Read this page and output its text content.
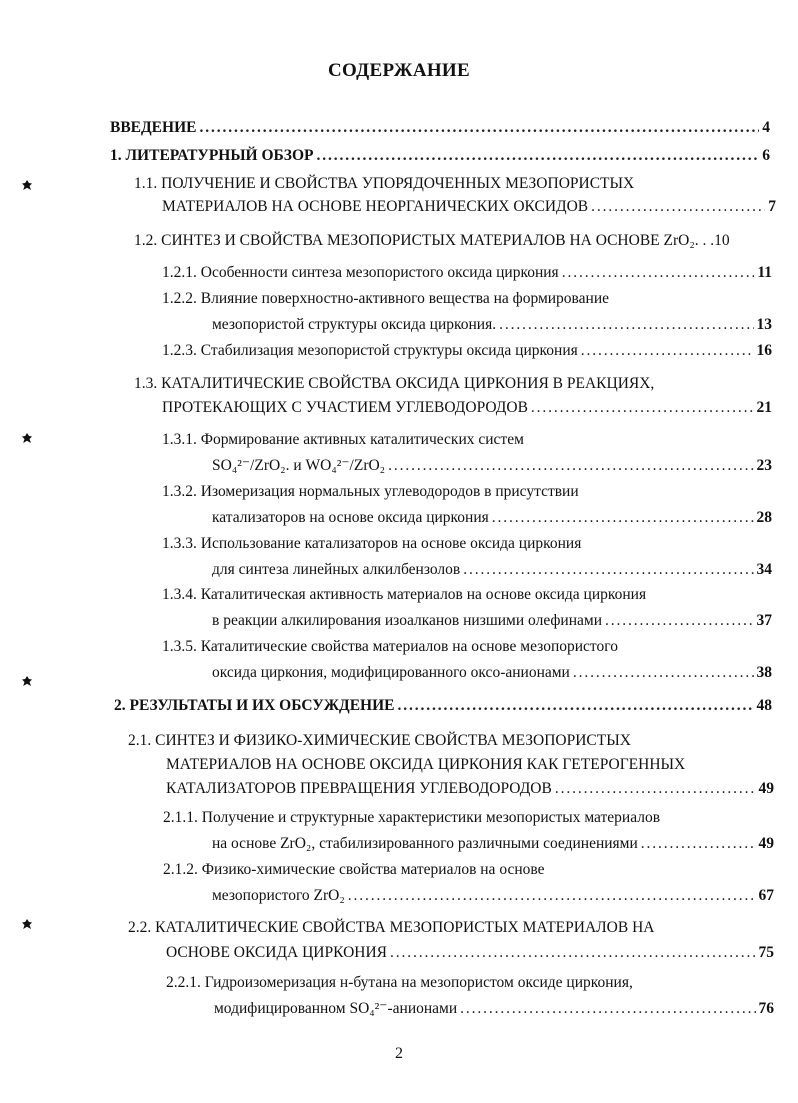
СОДЕРЖАНИЕ
ВВЕДЕНИЕ . . .	4
1. ЛИТЕРАТУРНЫЙ ОБЗОР . . .	6
1.1. ПОЛУЧЕНИЕ И СВОЙСТВА УПОРЯДОЧЕННЫХ МЕЗОПОРИСТЫХ
МАТЕРИАЛОВ НА ОСНОВЕ НЕОРГАНИЧЕСКИХ ОКСИДОВ . . .	7
1.2. СИНТЕЗ И СВОЙСТВА МЕЗОПОРИСТЫХ МАТЕРИАЛОВ НА ОСНОВЕ ZrO₂. . .10
1.2.1. Особенности синтеза мезопористого оксида циркония . . .	11
1.2.2. Влияние поверхностно-активного вещества на формирование
мезопористой структуры оксида циркония. . . .	13
1.2.3. Стабилизация мезопористой структуры оксида циркония . . .	16
1.3. КАТАЛИТИЧЕСКИЕ СВОЙСТВА ОКСИДА ЦИРКОНИЯ В РЕАКЦИЯХ,
ПРОТЕКАЮЩИХ С УЧАСТИЕМ УГЛЕВОДОРОДОВ . . .	21
1.3.1. Формирование активных каталитических систем
SO₄²⁻/ZrO₂. и WO₄²⁻/ZrO₂ . . .	23
1.3.2. Изомеризация нормальных углеводородов в присутствии
катализаторов на основе оксида циркония . . .	28
1.3.3. Использование катализаторов на основе оксида циркония
для синтеза линейных алкилбензолов . . .	34
1.3.4. Каталитическая активность материалов на основе оксида циркония
в реакции алкилирования изоалканов низшими олефинами . . .	37
1.3.5. Каталитические свойства материалов на основе мезопористого
оксида циркония, модифицированного оксо-анионами . . .	38
2. РЕЗУЛЬТАТЫ И ИХ ОБСУЖДЕНИЕ . . .	48
2.1. СИНТЕЗ И ФИЗИКО-ХИМИЧЕСКИЕ СВОЙСТВА МЕЗОПОРИСТЫХ
МАТЕРИАЛОВ НА ОСНОВЕ ОКСИДА ЦИРКОНИЯ КАК ГЕТЕРОГЕННЫХ
КАТАЛИЗАТОРОВ ПРЕВРАЩЕНИЯ УГЛЕВОДОРОДОВ . . .	49
2.1.1. Получение и структурные характеристики мезопористых материалов
на основе ZrO₂, стабилизированного различными соединениями . . .	49
2.1.2. Физико-химические свойства материалов на основе
мезопористого ZrO₂ . . .	67
2.2. КАТАЛИТИЧЕСКИЕ СВОЙСТВА МЕЗОПОРИСТЫХ МАТЕРИАЛОВ НА
ОСНОВЕ ОКСИДА ЦИРКОНИЯ . . .	75
2.2.1. Гидроизомеризация н-бутана на мезопористом оксиде циркония,
модифицированном SO₄²⁻-анионами . . .	76
2
